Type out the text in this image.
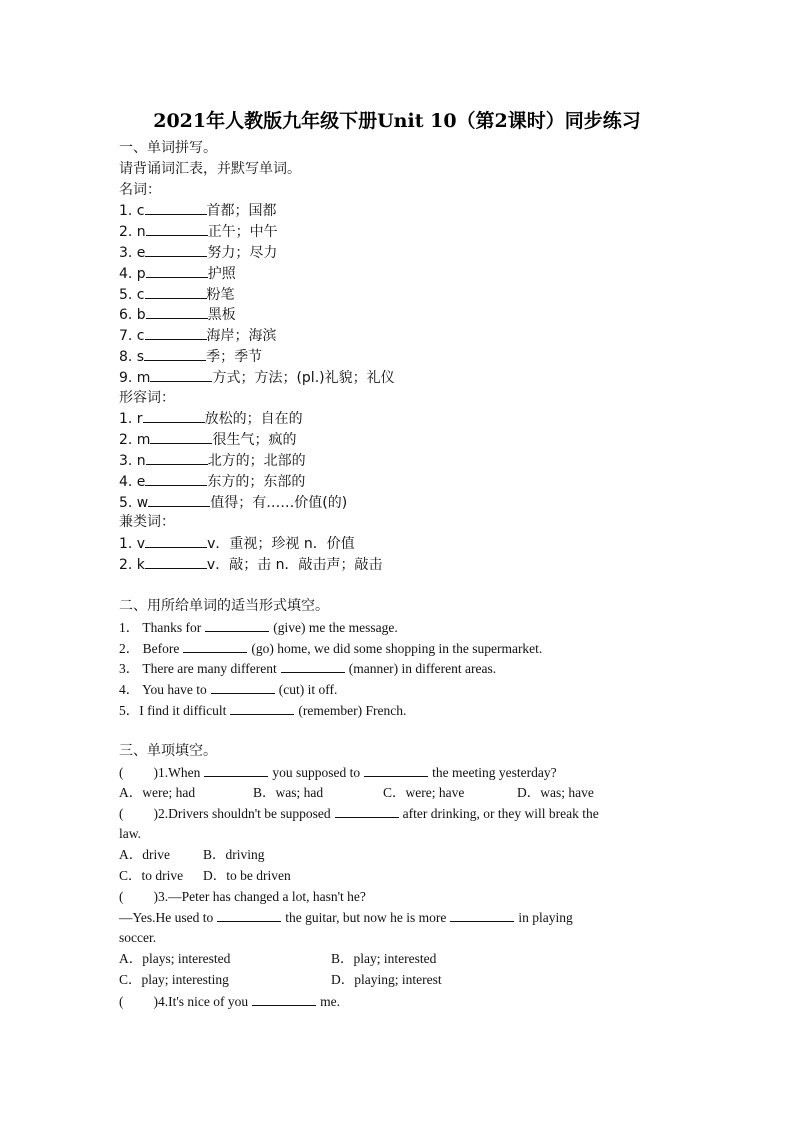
2021年人教版九年级下册Unit 10（第2课时）同步练习
一、单词拼写。
请背诵词汇表，并默写单词。
名词：
1. c	首都；国都
2. n	正午；中午
3. e	努力；尽力
4. p	护照
5. c	粉笔
6. b	黑板
7. c	海岸；海滨
8. s	季；季节
9. m	方式；方法；(pl.)礼貌；礼仪
形容词：
1. r	放松的；自在的
2. m	很生气；疯的
3. n	北方的；北部的
4. e	东方的；东部的
5. w	值得；有……价值(的)
兼类词：
1. v	v．重视；珍视 n．价值
2. k	v．敲；击 n．敲击声；敲击
二、用所给单词的适当形式填空。
1． Thanks for	(give) me the message.
2． Before	(go) home, we did some shopping in the supermarket.
3． There are many different	(manner) in different areas.
4． You have to	(cut) it off.
5．I find it difficult	(remember) French.
三、单项填空。
( )1.When	you supposed to	the meeting yesterday?
A．were; had	B．was; had	C．were; have	D．was; have
( )2.Drivers shouldn't be supposed	after drinking, or they will break the
law.
A．drive B．driving
C．to drive D．to be driven
( )3.—Peter has changed a lot, hasn't he?
—Yes.He used to	the guitar, but now he is more	in playing
soccer.
A．plays; interested	B．play; interested
C．play; interesting	D．playing; interest
( )4.It's nice of you	me.
